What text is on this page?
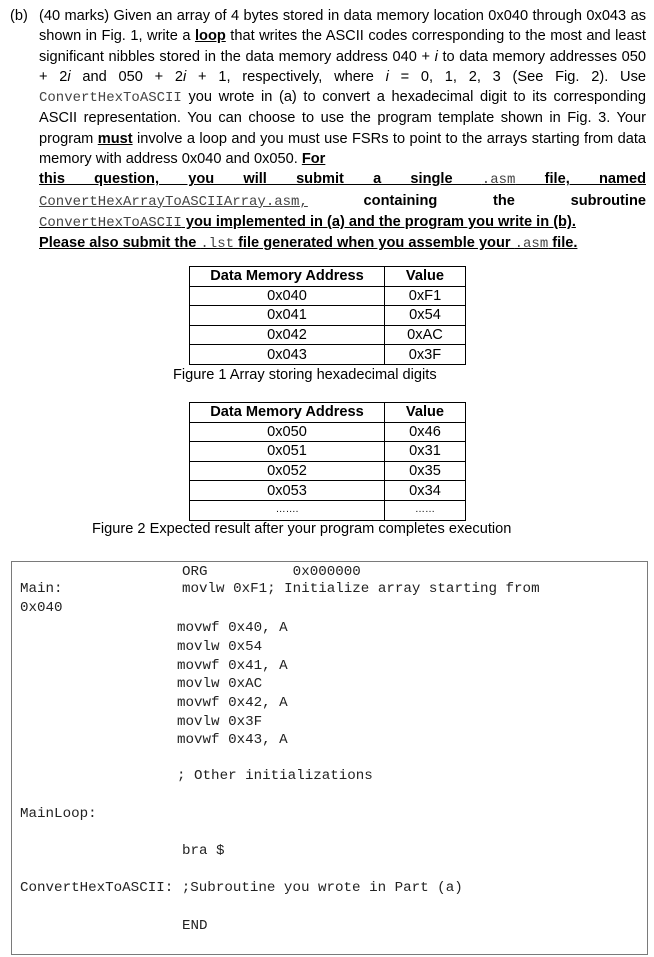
(b) (40 marks) Given an array of 4 bytes stored in data memory location 0x040 through 0x043 as shown in Fig. 1, write a loop that writes the ASCII codes corresponding to the most and least significant nibbles stored in the data memory address 040 + i to data memory addresses 050 + 2i and 050 + 2i + 1, respectively, where i = 0, 1, 2, 3 (See Fig. 2). Use ConvertHexToASCII you wrote in (a) to convert a hexadecimal digit to its corresponding ASCII representation. You can choose to use the program template shown in Fig. 3. Your program must involve a loop and you must use FSRs to point to the arrays starting from data memory with address 0x040 and 0x050. For
this question, you will submit a single .asm file, named
ConvertHexArrayToASCIIArray.asm, containing the subroutine
ConvertHexToASCII you implemented in (a) and the program you write in (b).
Please also submit the .lst file generated when you assemble your .asm file.
Data Memory Address	Value
0x040	0xF1
0x041	0x54
0x042	0xAC
0x043	0x3F
Figure 1 Array storing hexadecimal digits
Data Memory Address	Value
0x050	0x46
0x051	0x31
0x052	0x35
0x053	0x34
…….	……
Figure 2 Expected result after your program completes execution
ORG          0x000000
Main:	movlw 0xF1; Initialize array starting from
0x040
movwf 0x40, A
movlw 0x54
movwf 0x41, A
movlw 0xAC
movwf 0x42, A
movlw 0x3F
movwf 0x43, A
; Other initializations
MainLoop:
bra $
ConvertHexToASCII: ;Subroutine you wrote in Part (a)
END
